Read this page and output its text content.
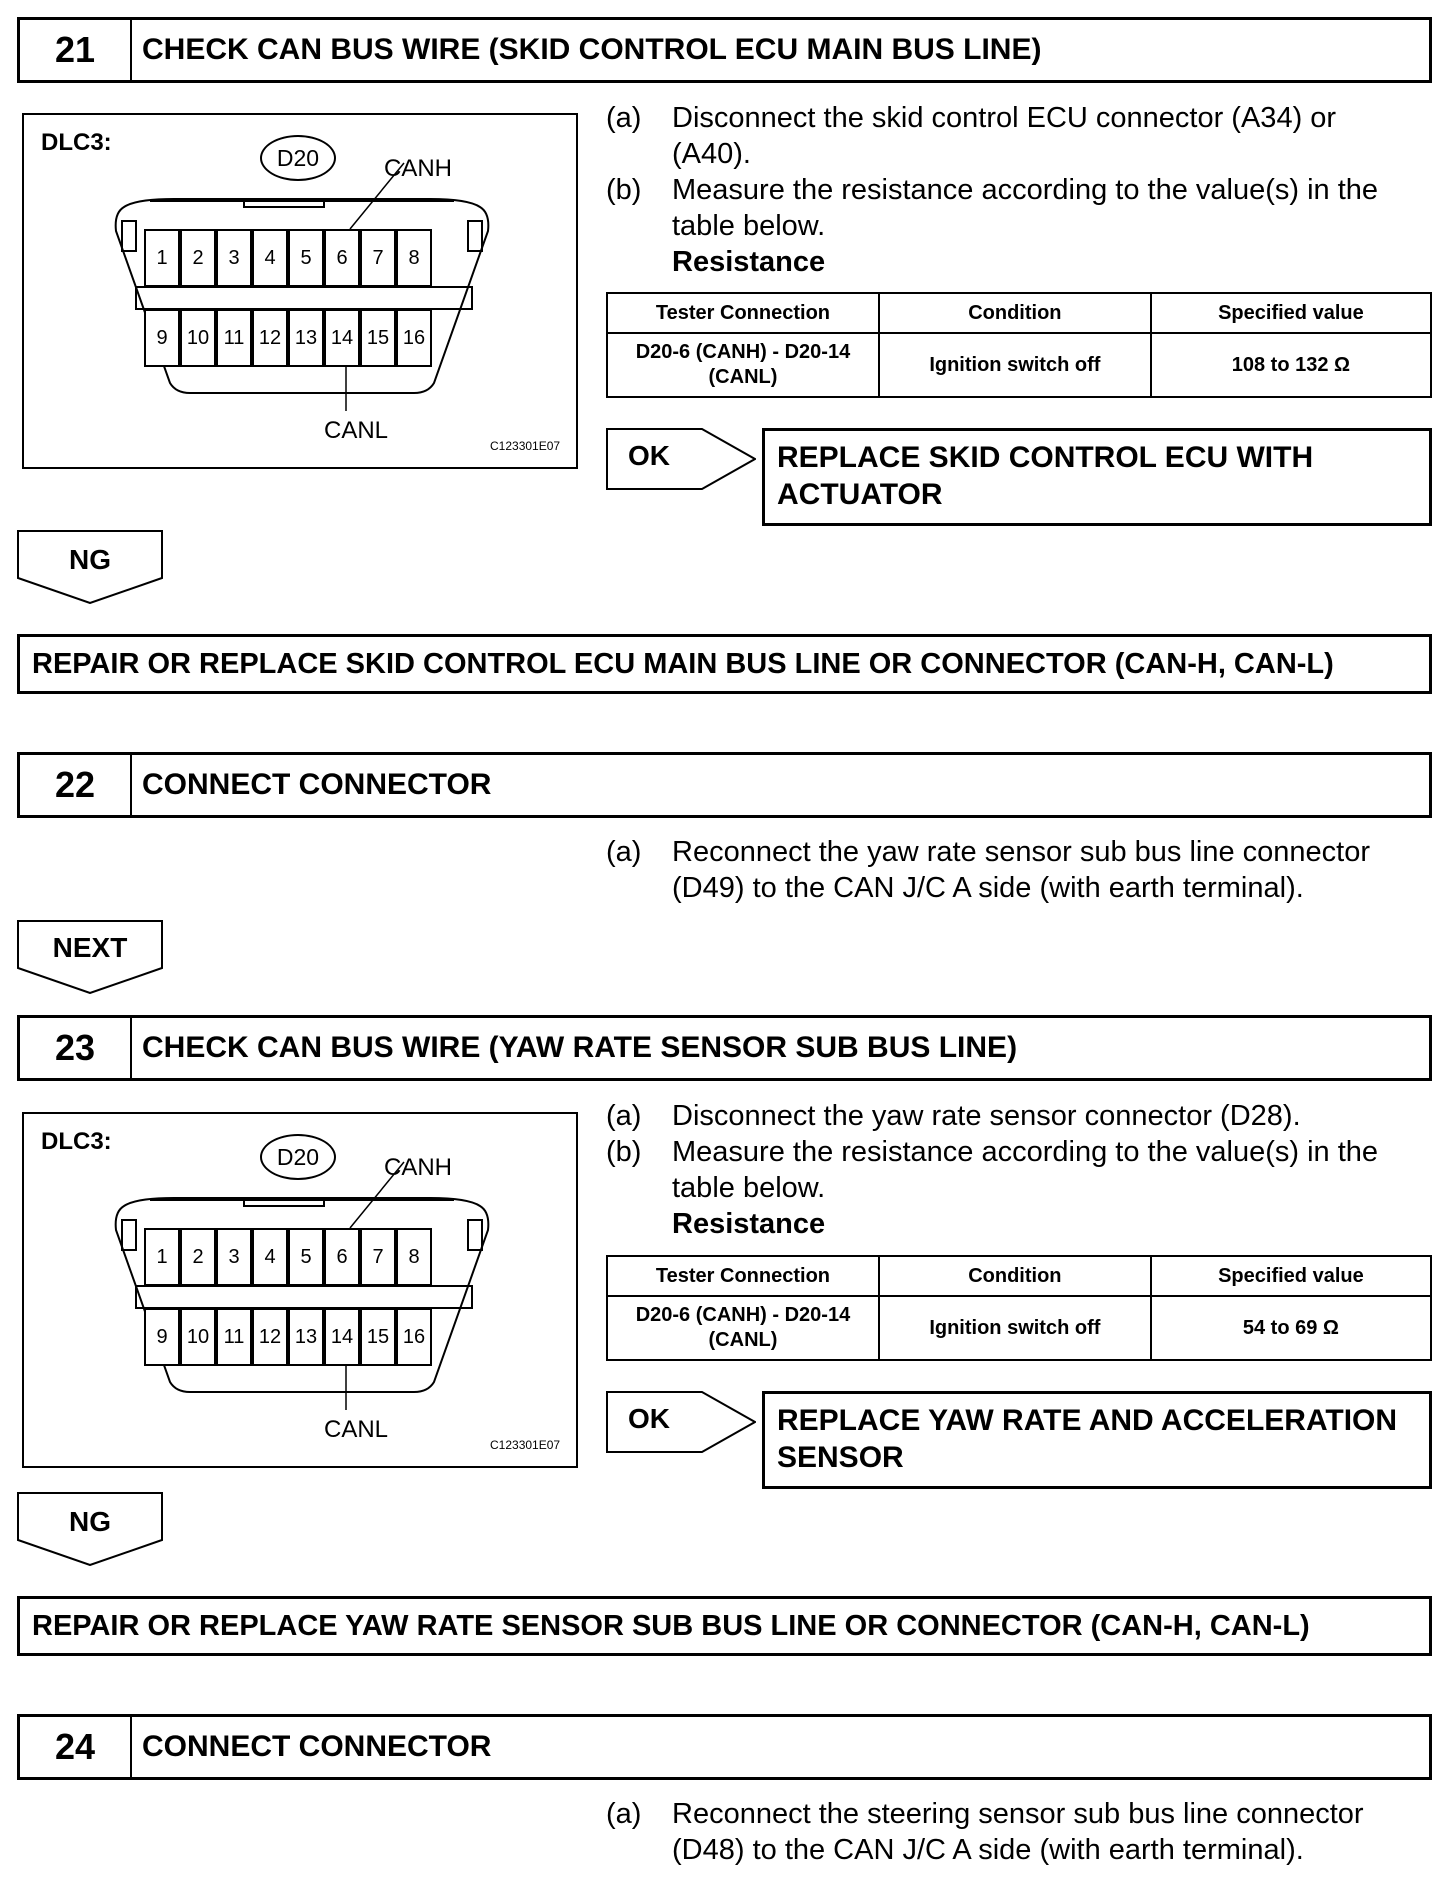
21	CHECK CAN BUS WIRE (SKID CONTROL ECU MAIN BUS LINE)
DLC3:
D20	CANH
CANL
C123301E07
1	2	3	4	5	6	7	8
9 10 11 12 13 14 15 16
(a)	Disconnect the skid control ECU connector (A34) or
(A40).
(b)	Measure the resistance according to the value(s) in the
table below.
Resistance
Tester Connection	Condition	Specified value
D20-6 (CANH) - D20-14
(CANL)	Ignition switch off	108 to 132 Ω
OK	REPLACE SKID CONTROL ECU WITH
ACTUATOR
NG
REPAIR OR REPLACE SKID CONTROL ECU MAIN BUS LINE OR CONNECTOR (CAN-H, CAN-L)
22	CONNECT CONNECTOR
(a)	Reconnect the yaw rate sensor sub bus line connector
(D49) to the CAN J/C A side (with earth terminal).
NEXT
23	CHECK CAN BUS WIRE (YAW RATE SENSOR SUB BUS LINE)
DLC3:
D20	CANH
CANL
C123301E07
1	2	3	4	5	6	7	8
9 10 11 12 13 14 15 16
(a)	Disconnect the yaw rate sensor connector (D28).
(b)	Measure the resistance according to the value(s) in the
table below.
Resistance
Tester Connection	Condition	Specified value
D20-6 (CANH) - D20-14
(CANL)	Ignition switch off	54 to 69 Ω
OK	REPLACE YAW RATE AND ACCELERATION
SENSOR
NG
REPAIR OR REPLACE YAW RATE SENSOR SUB BUS LINE OR CONNECTOR (CAN-H, CAN-L)
24	CONNECT CONNECTOR
(a)	Reconnect the steering sensor sub bus line connector
(D48) to the CAN J/C A side (with earth terminal).
